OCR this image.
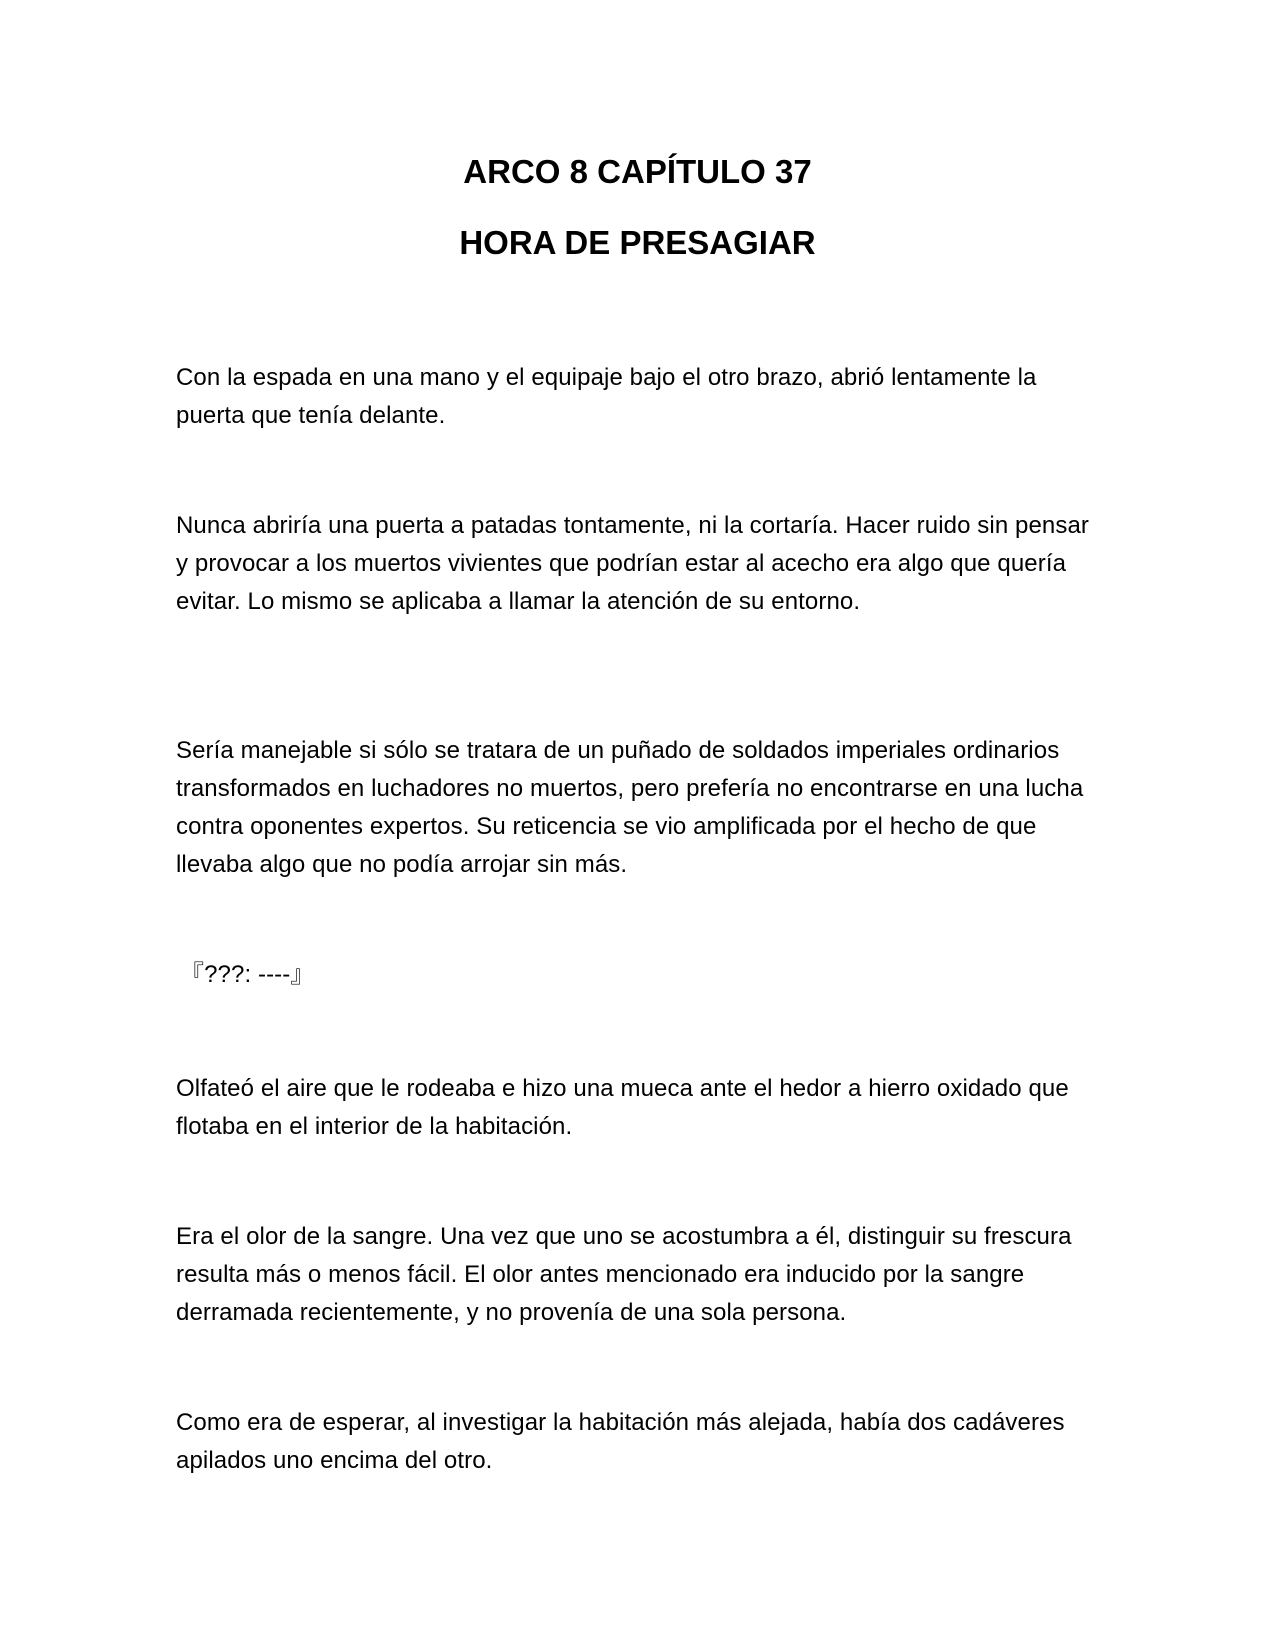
ARCO 8 CAPÍTULO 37
HORA DE PRESAGIAR

Con la espada en una mano y el equipaje bajo el otro brazo, abrió lentamente la puerta que tenía delante.

Nunca abriría una puerta a patadas tontamente, ni la cortaría. Hacer ruido sin pensar y provocar a los muertos vivientes que podrían estar al acecho era algo que quería evitar. Lo mismo se aplicaba a llamar la atención de su entorno.

Sería manejable si sólo se tratara de un puñado de soldados imperiales ordinarios transformados en luchadores no muertos, pero prefería no encontrarse en una lucha contra oponentes expertos. Su reticencia se vio amplificada por el hecho de que llevaba algo que no podía arrojar sin más.

『???: ----』

Olfateó el aire que le rodeaba e hizo una mueca ante el hedor a hierro oxidado que flotaba en el interior de la habitación.

Era el olor de la sangre. Una vez que uno se acostumbra a él, distinguir su frescura resulta más o menos fácil. El olor antes mencionado era inducido por la sangre derramada recientemente, y no provenía de una sola persona.

Como era de esperar, al investigar la habitación más alejada, había dos cadáveres apilados uno encima del otro.
